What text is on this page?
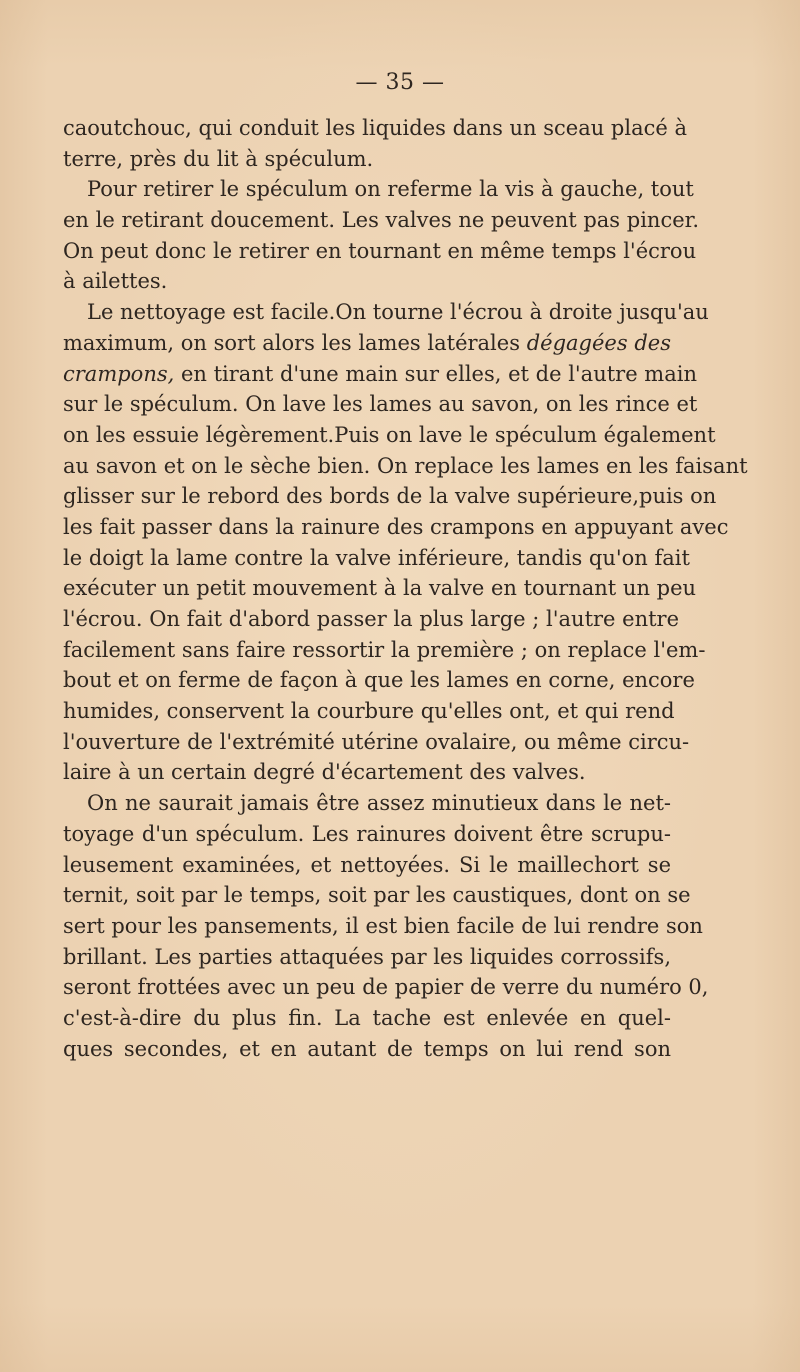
— 35 —
caoutchouc, qui conduit les liquides dans un sceau placé à
terre, près du lit à spéculum.
Pour retirer le spéculum on referme la vis à gauche, tout
en le retirant doucement. Les valves ne peuvent pas pincer.
On peut donc le retirer en tournant en même temps l'écrou
à ailettes.
Le nettoyage est facile.On tourne l'écrou à droite jusqu'au
maximum, on sort alors les lames latérales dégagées des
crampons, en tirant d'une main sur elles, et de l'autre main
sur le spéculum. On lave les lames au savon, on les rince et
on les essuie légèrement.Puis on lave le spéculum également
au savon et on le sèche bien. On replace les lames en les faisant
glisser sur le rebord des bords de la valve supérieure,puis on
les fait passer dans la rainure des crampons en appuyant avec
le doigt la lame contre la valve inférieure, tandis qu'on fait
exécuter un petit mouvement à la valve en tournant un peu
l'écrou. On fait d'abord passer la plus large ; l'autre entre
facilement sans faire ressortir la première ; on replace l'em-
bout et on ferme de façon à que les lames en corne, encore
humides, conservent la courbure qu'elles ont, et qui rend
l'ouverture de l'extrémité utérine ovalaire, ou même circu-
laire à un certain degré d'écartement des valves.
On ne saurait jamais être assez minutieux dans le net-
toyage d'un spéculum. Les rainures doivent être scrupu-
leusement examinées, et nettoyées. Si le maillechort se
ternit, soit par le temps, soit par les caustiques, dont on se
sert pour les pansements, il est bien facile de lui rendre son
brillant. Les parties attaquées par les liquides corrossifs,
seront frottées avec un peu de papier de verre du numéro 0,
c'est-à-dire du plus fin. La tache est enlevée en quel-
ques secondes, et en autant de temps on lui rend son
